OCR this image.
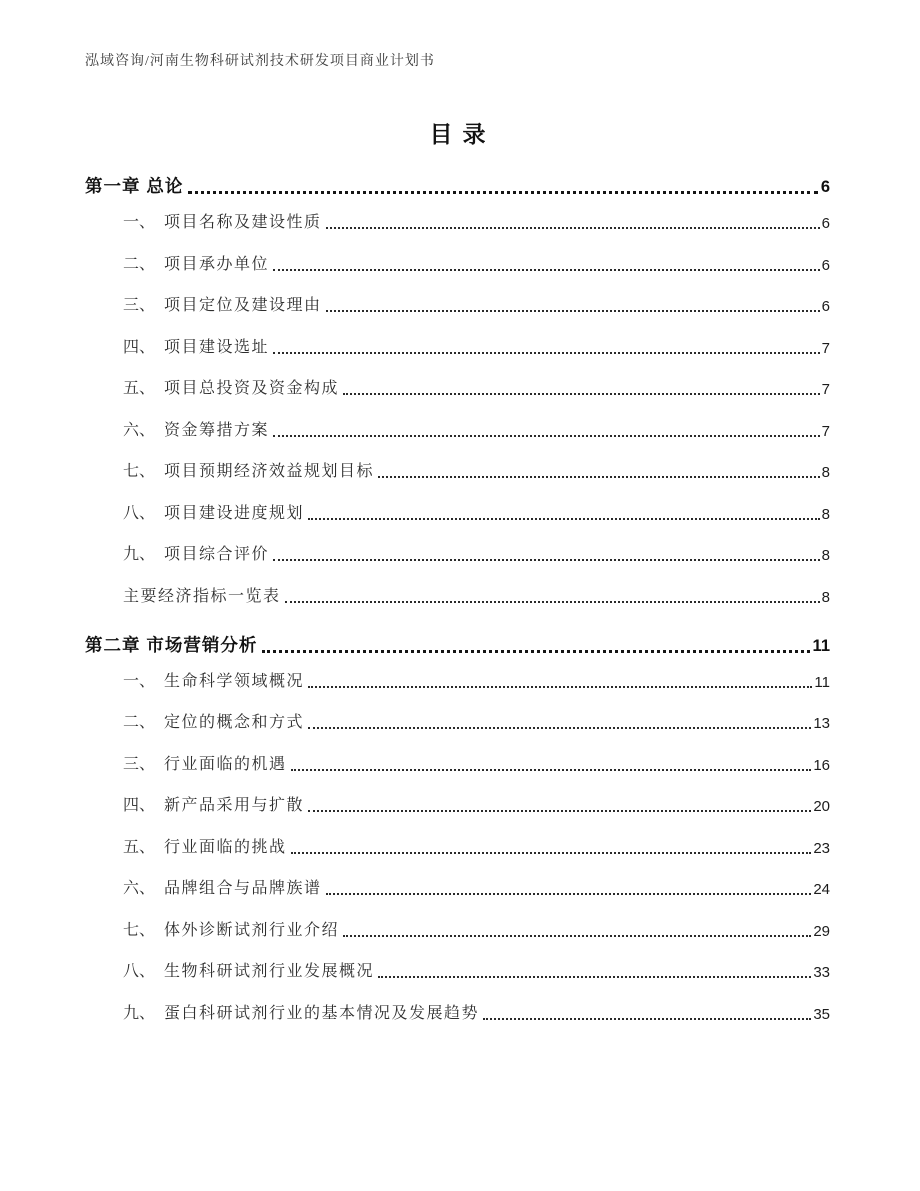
泓域咨询/河南生物科研试剂技术研发项目商业计划书
目录
第一章 总论	6
一、 项目名称及建设性质	6
二、 项目承办单位	6
三、 项目定位及建设理由	6
四、 项目建设选址	7
五、 项目总投资及资金构成	7
六、 资金筹措方案	7
七、 项目预期经济效益规划目标	8
八、 项目建设进度规划	8
九、 项目综合评价	8
主要经济指标一览表	8
第二章 市场营销分析	11
一、 生命科学领域概况	11
二、 定位的概念和方式	13
三、 行业面临的机遇	16
四、 新产品采用与扩散	20
五、 行业面临的挑战	23
六、 品牌组合与品牌族谱	24
七、 体外诊断试剂行业介绍	29
八、 生物科研试剂行业发展概况	33
九、 蛋白科研试剂行业的基本情况及发展趋势	35
